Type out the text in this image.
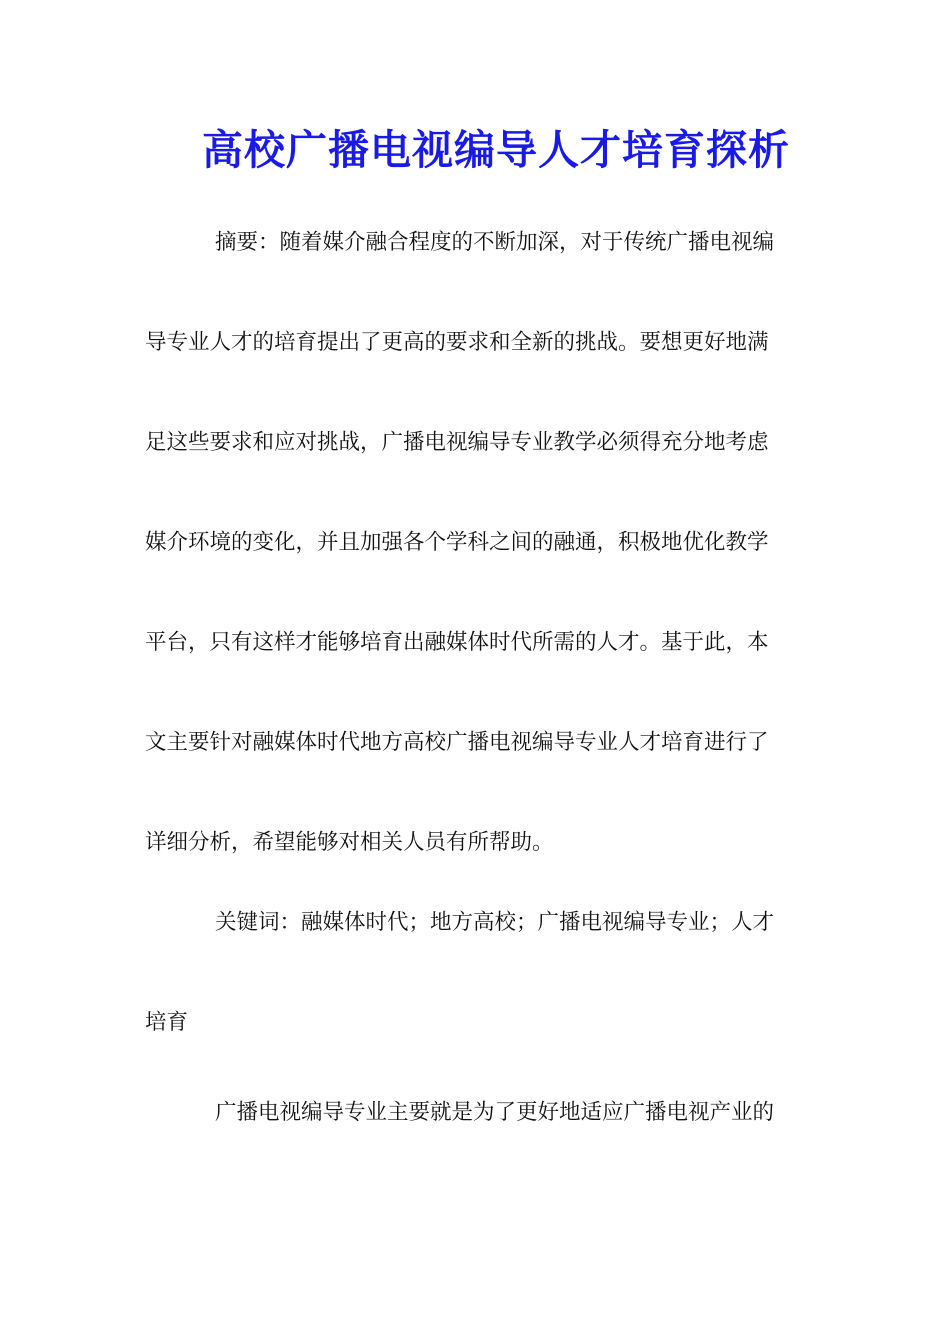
高校广播电视编导人才培育探析
摘要：随着媒介融合程度的不断加深，对于传统广播电视编
导专业人才的培育提出了更高的要求和全新的挑战。要想更好地满
足这些要求和应对挑战，广播电视编导专业教学必须得充分地考虑
媒介环境的变化，并且加强各个学科之间的融通，积极地优化教学
平台，只有这样才能够培育出融媒体时代所需的人才。基于此，本
文主要针对融媒体时代地方高校广播电视编导专业人才培育进行了
详细分析，希望能够对相关人员有所帮助。
关键词：融媒体时代；地方高校；广播电视编导专业；人才
培育
广播电视编导专业主要就是为了更好地适应广播电视产业的
